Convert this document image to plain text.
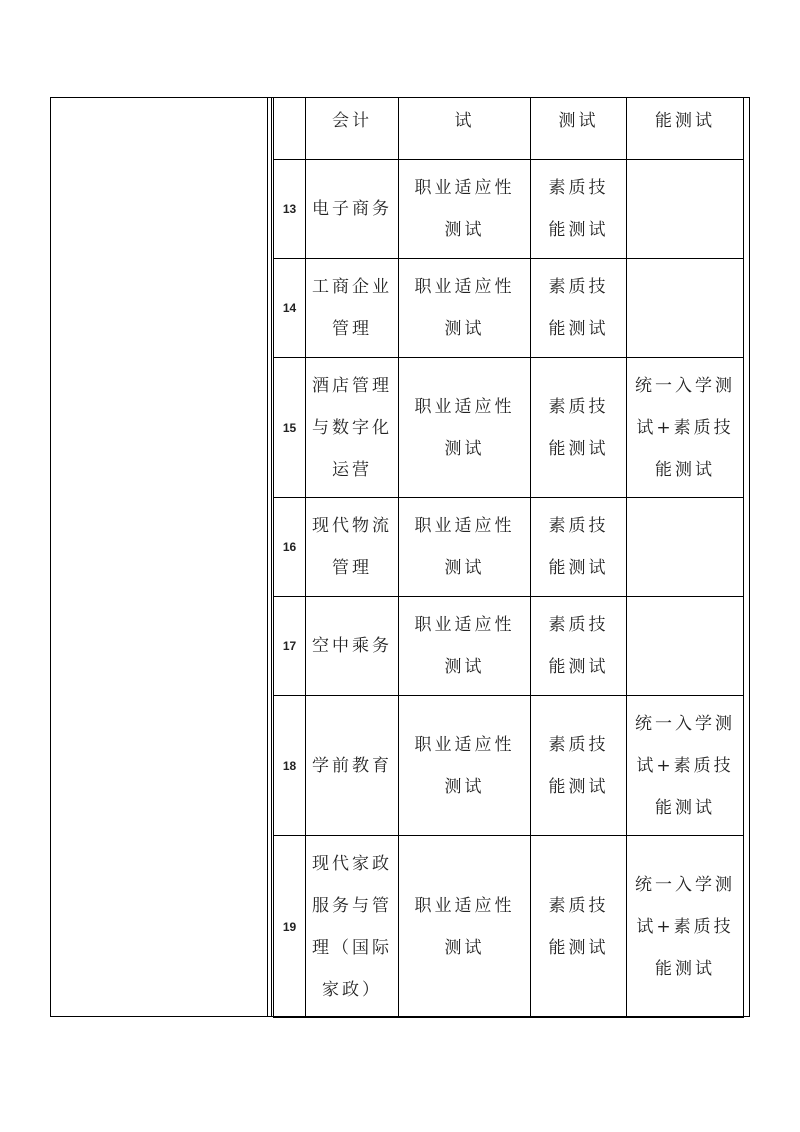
	会计	试	测试	能测试

13	电子商务	职业适应性测试	素质技能测试	

14	工商企业管理	职业适应性测试	素质技能测试	

15	酒店管理与数字化运营	职业适应性测试	素质技能测试	统一入学测试+素质技能测试

16	现代物流管理	职业适应性测试	素质技能测试	

17	空中乘务	职业适应性测试	素质技能测试	

18	学前教育	职业适应性测试	素质技能测试	统一入学测试+素质技能测试

19	现代家政服务与管理（国际家政）	职业适应性测试	素质技能测试	统一入学测试+素质技能测试
